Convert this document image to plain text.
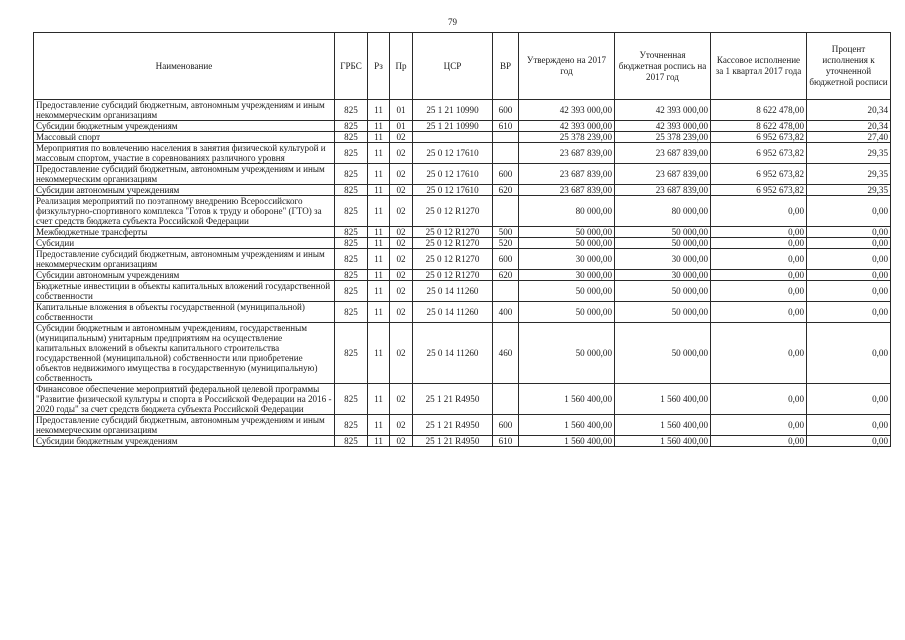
79
Наименование	ГРБС	Рз	Пр	ЦСР	ВР	Утверждено на 2017 год	Уточненная бюджетная роспись на 2017 год	Кассовое исполнение за 1 квартал 2017 года	Процент исполнения к уточненной бюджетной росписи
Предоставление субсидий бюджетным, автономным учреждениям и иным некоммерческим организациям	825	11	01	25 1 21 10990	600	42 393 000,00	42 393 000,00	8 622 478,00	20,34
Субсидии бюджетным учреждениям	825	11	01	25 1 21 10990	610	42 393 000,00	42 393 000,00	8 622 478,00	20,34
Массовый спорт	825	11	02			25 378 239,00	25 378 239,00	6 952 673,82	27,40
Мероприятия по вовлечению населения в занятия физической культурой и массовым спортом, участие в соревнованиях различного уровня	825	11	02	25 0 12 17610		23 687 839,00	23 687 839,00	6 952 673,82	29,35
Предоставление субсидий бюджетным, автономным учреждениям и иным некоммерческим организациям	825	11	02	25 0 12 17610	600	23 687 839,00	23 687 839,00	6 952 673,82	29,35
Субсидии автономным учреждениям	825	11	02	25 0 12 17610	620	23 687 839,00	23 687 839,00	6 952 673,82	29,35
Реализация мероприятий по поэтапному внедрению Всероссийского физкультурно-спортивного комплекса "Готов к труду и обороне" (ГТО) за счет средств бюджета субъекта Российской Федерации	825	11	02	25 0 12 R1270		80 000,00	80 000,00	0,00	0,00
Межбюджетные трансферты	825	11	02	25 0 12 R1270	500	50 000,00	50 000,00	0,00	0,00
Субсидии	825	11	02	25 0 12 R1270	520	50 000,00	50 000,00	0,00	0,00
Предоставление субсидий бюджетным, автономным учреждениям и иным некоммерческим организациям	825	11	02	25 0 12 R1270	600	30 000,00	30 000,00	0,00	0,00
Субсидии автономным учреждениям	825	11	02	25 0 12 R1270	620	30 000,00	30 000,00	0,00	0,00
Бюджетные инвестиции в объекты капитальных вложений государственной собственности	825	11	02	25 0 14 11260		50 000,00	50 000,00	0,00	0,00
Капитальные вложения в объекты государственной (муниципальной) собственности	825	11	02	25 0 14 11260	400	50 000,00	50 000,00	0,00	0,00
Субсидии бюджетным и автономным учреждениям, государственным (муниципальным) унитарным предприятиям на осуществление капитальных вложений в объекты капитального строительства государственной (муниципальной) собственности или приобретение объектов недвижимого имущества в государственную (муниципальную) собственность	825	11	02	25 0 14 11260	460	50 000,00	50 000,00	0,00	0,00
Финансовое обеспечение мероприятий федеральной целевой программы "Развитие физической культуры и спорта в Российской Федерации на 2016 - 2020 годы" за счет средств бюджета субъекта Российской Федерации	825	11	02	25 1 21 R4950		1 560 400,00	1 560 400,00	0,00	0,00
Предоставление субсидий бюджетным, автономным учреждениям и иным некоммерческим организациям	825	11	02	25 1 21 R4950	600	1 560 400,00	1 560 400,00	0,00	0,00
Субсидии бюджетным учреждениям	825	11	02	25 1 21 R4950	610	1 560 400,00	1 560 400,00	0,00	0,00
